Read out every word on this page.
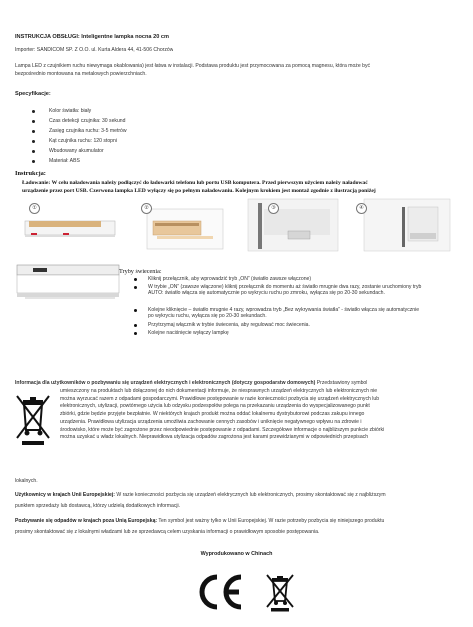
INSTRUKCJA OBSŁUGI: Inteligentne lampka nocna 20 cm
Importer: SANDICOM SP. Z O.O. ul. Kurta Aldera 44, 41-506 Chorzów
Lampa LED z czujnikiem ruchu niewymaga okablowania) jest łatwa w instalacji. Podstawa produktu jest przymocowana za pomocą magnesu, która może być
bezpośrednio montowana na metalowych powierzchniach.
Specyfikacje:
Kolor światła: biały
Czas detekcji czujnika: 30 sekund
Zasięg czujnika ruchu: 3-5 metrów
Kąt czujnika ruchu: 120 stopni
Wbudowany akumulator
Materiał: ABS
Instrukcja:
Ładowanie: W celu naładowania należy podłączyć do ładowarki telefonu lub portu USB komputera. Przed pierwszym użyciem należy naładować
urządzenie przez port USB. Czerwona lampka LED wyłączy się po pełnym naładowaniu. Kolejnym krokiem jest montaż zgodnie z ilustracją poniżej
①	②	③	④
Tryby świecenia:
Kliknij przełącznik, aby wprowadzić tryb „ON” (światło zawsze włączone)
W trybie „ON” (zawsze włączone) kliknij przełącznik do momentu aż światło mrugnie dwa razy, zostanie uruchomiony tryb AUTO: światło włącza się automatycznie po wykryciu ruchu po zmroku, wyłącza się po 20-30 sekundach.
Kolejne kliknięcie – światło mrugnie 4 razy, wprowadza tryb „Bez wykrywania światła” - światło włącza się automatycznie po wykryciu ruchu, wyłącza się po 20-30 sekundach.
Przytrzymaj włącznik w trybie świecenia, aby regulować moc świecenia.
Kolejne naciśnięcie wyłączy lampkę
Informacja dla użytkowników o pozbywaniu się urządzeń elektrycznych i elektronicznych (dotyczy gospodarstw domowych) Przedstawiony symbol
umieszczony na produktach lub dołączonej do nich dokumentacji informuje, że niesprawnych urządzeń elektrycznych lub elektronicznych nie
można wyrzucać razem z odpadami gospodarczymi. Prawidłowe postępowanie w razie konieczności pozbycia się urządzeń elektrycznych lub
elektronicznych, utylizacji, powtórnego użycia lub odzysku podzespołów polega na przekazaniu urządzenia do wyspecjalizowanego punkt
zbiórki, gdzie będzie przyjęte bezpłatnie. W niektórych krajach produkt można oddać lokalnemu dystrybutorowi podczas zakupu innego
urządzenia. Prawidłowa utylizacja urządzenia umożliwia zachowanie cennych zasobów i uniknięcie negatywnego wpływu na zdrowie i
środowisko, które może być zagrożone przez nieodpowiednie postępowanie z odpadami. Szczegółowe informacje o najbliższym punkcie zbiórki
można uzyskać u władz lokalnych. Nieprawidłowa utylizacja odpadów zagrożona jest karami przewidzianymi w odpowiednich przepisach
lokalnych.
Użytkownicy w krajach Unii Europejskiej: W razie konieczności pozbycia się urządzeń elektrycznych lub elektronicznych, prosimy skontaktować się z najbliższym
punktem sprzedaży lub dostawcą, którzy udzielą dodatkowych informacji.
Pozbywanie się odpadów w krajach poza Unią Europejską: Ten symbol jest ważny tylko w Unii Europejskiej. W razie potrzeby pozbycia się niniejszego produktu
prosimy skontaktować się z lokalnymi władzami lub ze sprzedawcą celem uzyskania informacji o prawidłowym sposobie postępowania.
Wyprodukowano w Chinach
